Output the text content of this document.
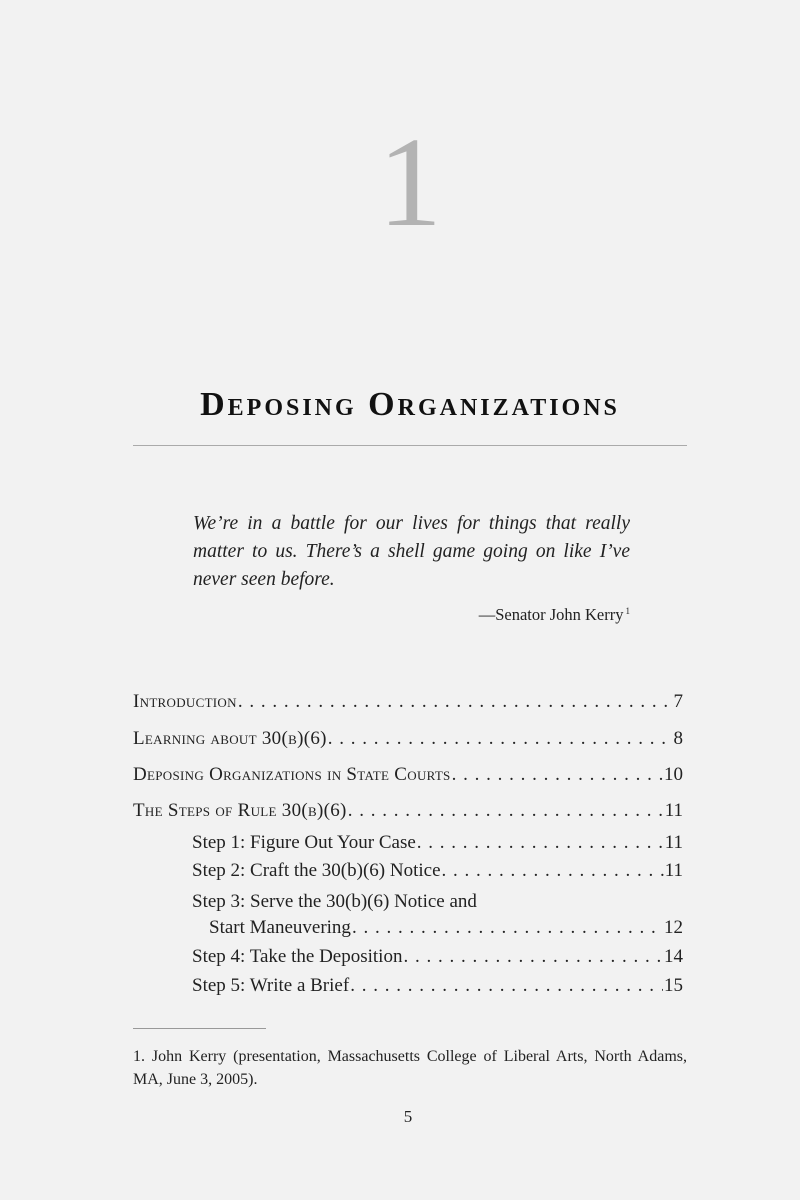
1
Deposing Organizations
We’re in a battle for our lives for things that really matter to us. There’s a shell game going on like I’ve never seen before.
—Senator John Kerry $^1$
Introduction . . .	7
Learning about 30(b)(6) . . .	8
Deposing Organizations in State Courts . . .	10
The Steps of Rule 30(b)(6) . . .	11
Step 1: Figure Out Your Case . . .	11
Step 2: Craft the 30(b)(6) Notice . . .	11
Step 3: Serve the 30(b)(6) Notice and
Start Maneuvering . . .	12
Step 4: Take the Deposition . . .	14
Step 5: Write a Brief . . .	15
1. John Kerry (presentation, Massachusetts College of Liberal Arts, North Adams, MA, June 3, 2005).
5
